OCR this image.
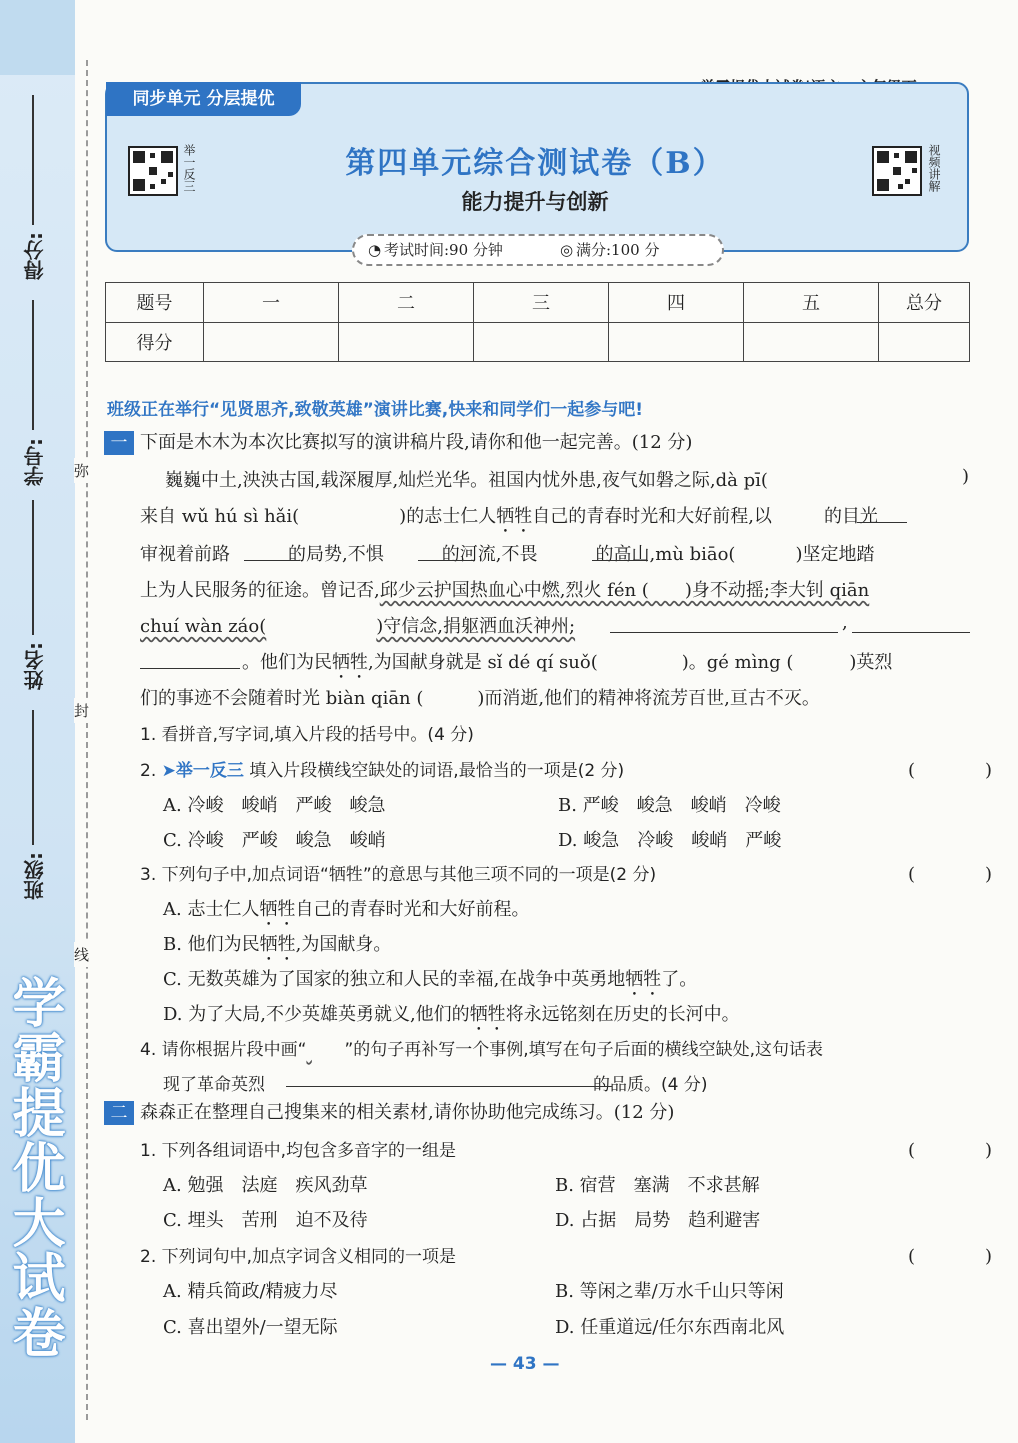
学霸提优大试卷
得分:
学号:
姓名:
班级:
弥
封
线
同步单元 分层提优
举一反三	视频讲解
第四单元综合测试卷（B）
能力提升与创新
◔ 考试时间:90 分钟	◎ 满分:100 分
题号	一	二	三	四	五	总分
得分						
班级正在举行“见贤思齐,致敬英雄”演讲比赛,快来和同学们一起参与吧!
一 下面是木木为本次比赛拟写的演讲稿片段,请你和他一起完善。(12 分)
巍巍中土,泱泱古国,载深履厚,灿烂光华。祖国内忧外患,夜气如磐之际,dà pī(	)
来自 wǔ hú sì hǎi(	)的志士仁人牺牲自己的青春时光和大好前程,以	的目光
审视着前路	的局势,不惧	的河流,不畏	的高山,mù biāo(	)坚定地踏
上为人民服务的征途。曾记否,邱少云护国热血心中燃,烈火 fén (　　)身不动摇;李大钊 qiān
chuí wàn záo(	)守信念,捐躯洒血沃神州;	,
。他们为民牺牲,为国献身就是 sǐ dé qí suǒ(	)。gé mìng (	)英烈
们的事迹不会随着时光 biàn qiān (　　　)而消逝,他们的精神将流芳百世,亘古不灭。
1. 看拼音,写字词,填入片段的括号中。(4 分)
2. ➤举一反三 填入片段横线空缺处的词语,最恰当的一项是(2 分)	(　)
A. 冷峻　峻峭　严峻　峻急	B. 严峻　峻急　峻峭　冷峻
C. 冷峻　严峻　峻急　峻峭	D. 峻急　冷峻　峻峭　严峻
3. 下列句子中,加点词语“牺牲”的意思与其他三项不同的一项是(2 分)	(　)
A. 志士仁人牺牲自己的青春时光和大好前程。
B. 他们为民牺牲,为国献身。
C. 无数英雄为了国家的独立和人民的幸福,在战争中英勇地牺牲了。
D. 为了大局,不少英雄英勇就义,他们的牺牲将永远铭刻在历史的长河中。
4. 请你根据片段中画“ ”的句子再补写一个事例,填写在句子后面的横线空缺处,这句话表
现了革命英烈	的品质。(4 分)
二 森森正在整理自己搜集来的相关素材,请你协助他完成练习。(12 分)
1. 下列各组词语中,均包含多音字的一组是	(　)
A. 勉强　法庭　疾风劲草	B. 宿营　塞满　不求甚解
C. 埋头　苦刑　迫不及待	D. 占据　局势　趋利避害
2. 下列词句中,加点字词含义相同的一项是	(　)
A. 精兵简政/精疲力尽	B. 等闲之辈/万水千山只等闲
C. 喜出望外/一望无际	D. 任重道远/任尔东西南北风
— 43 —
